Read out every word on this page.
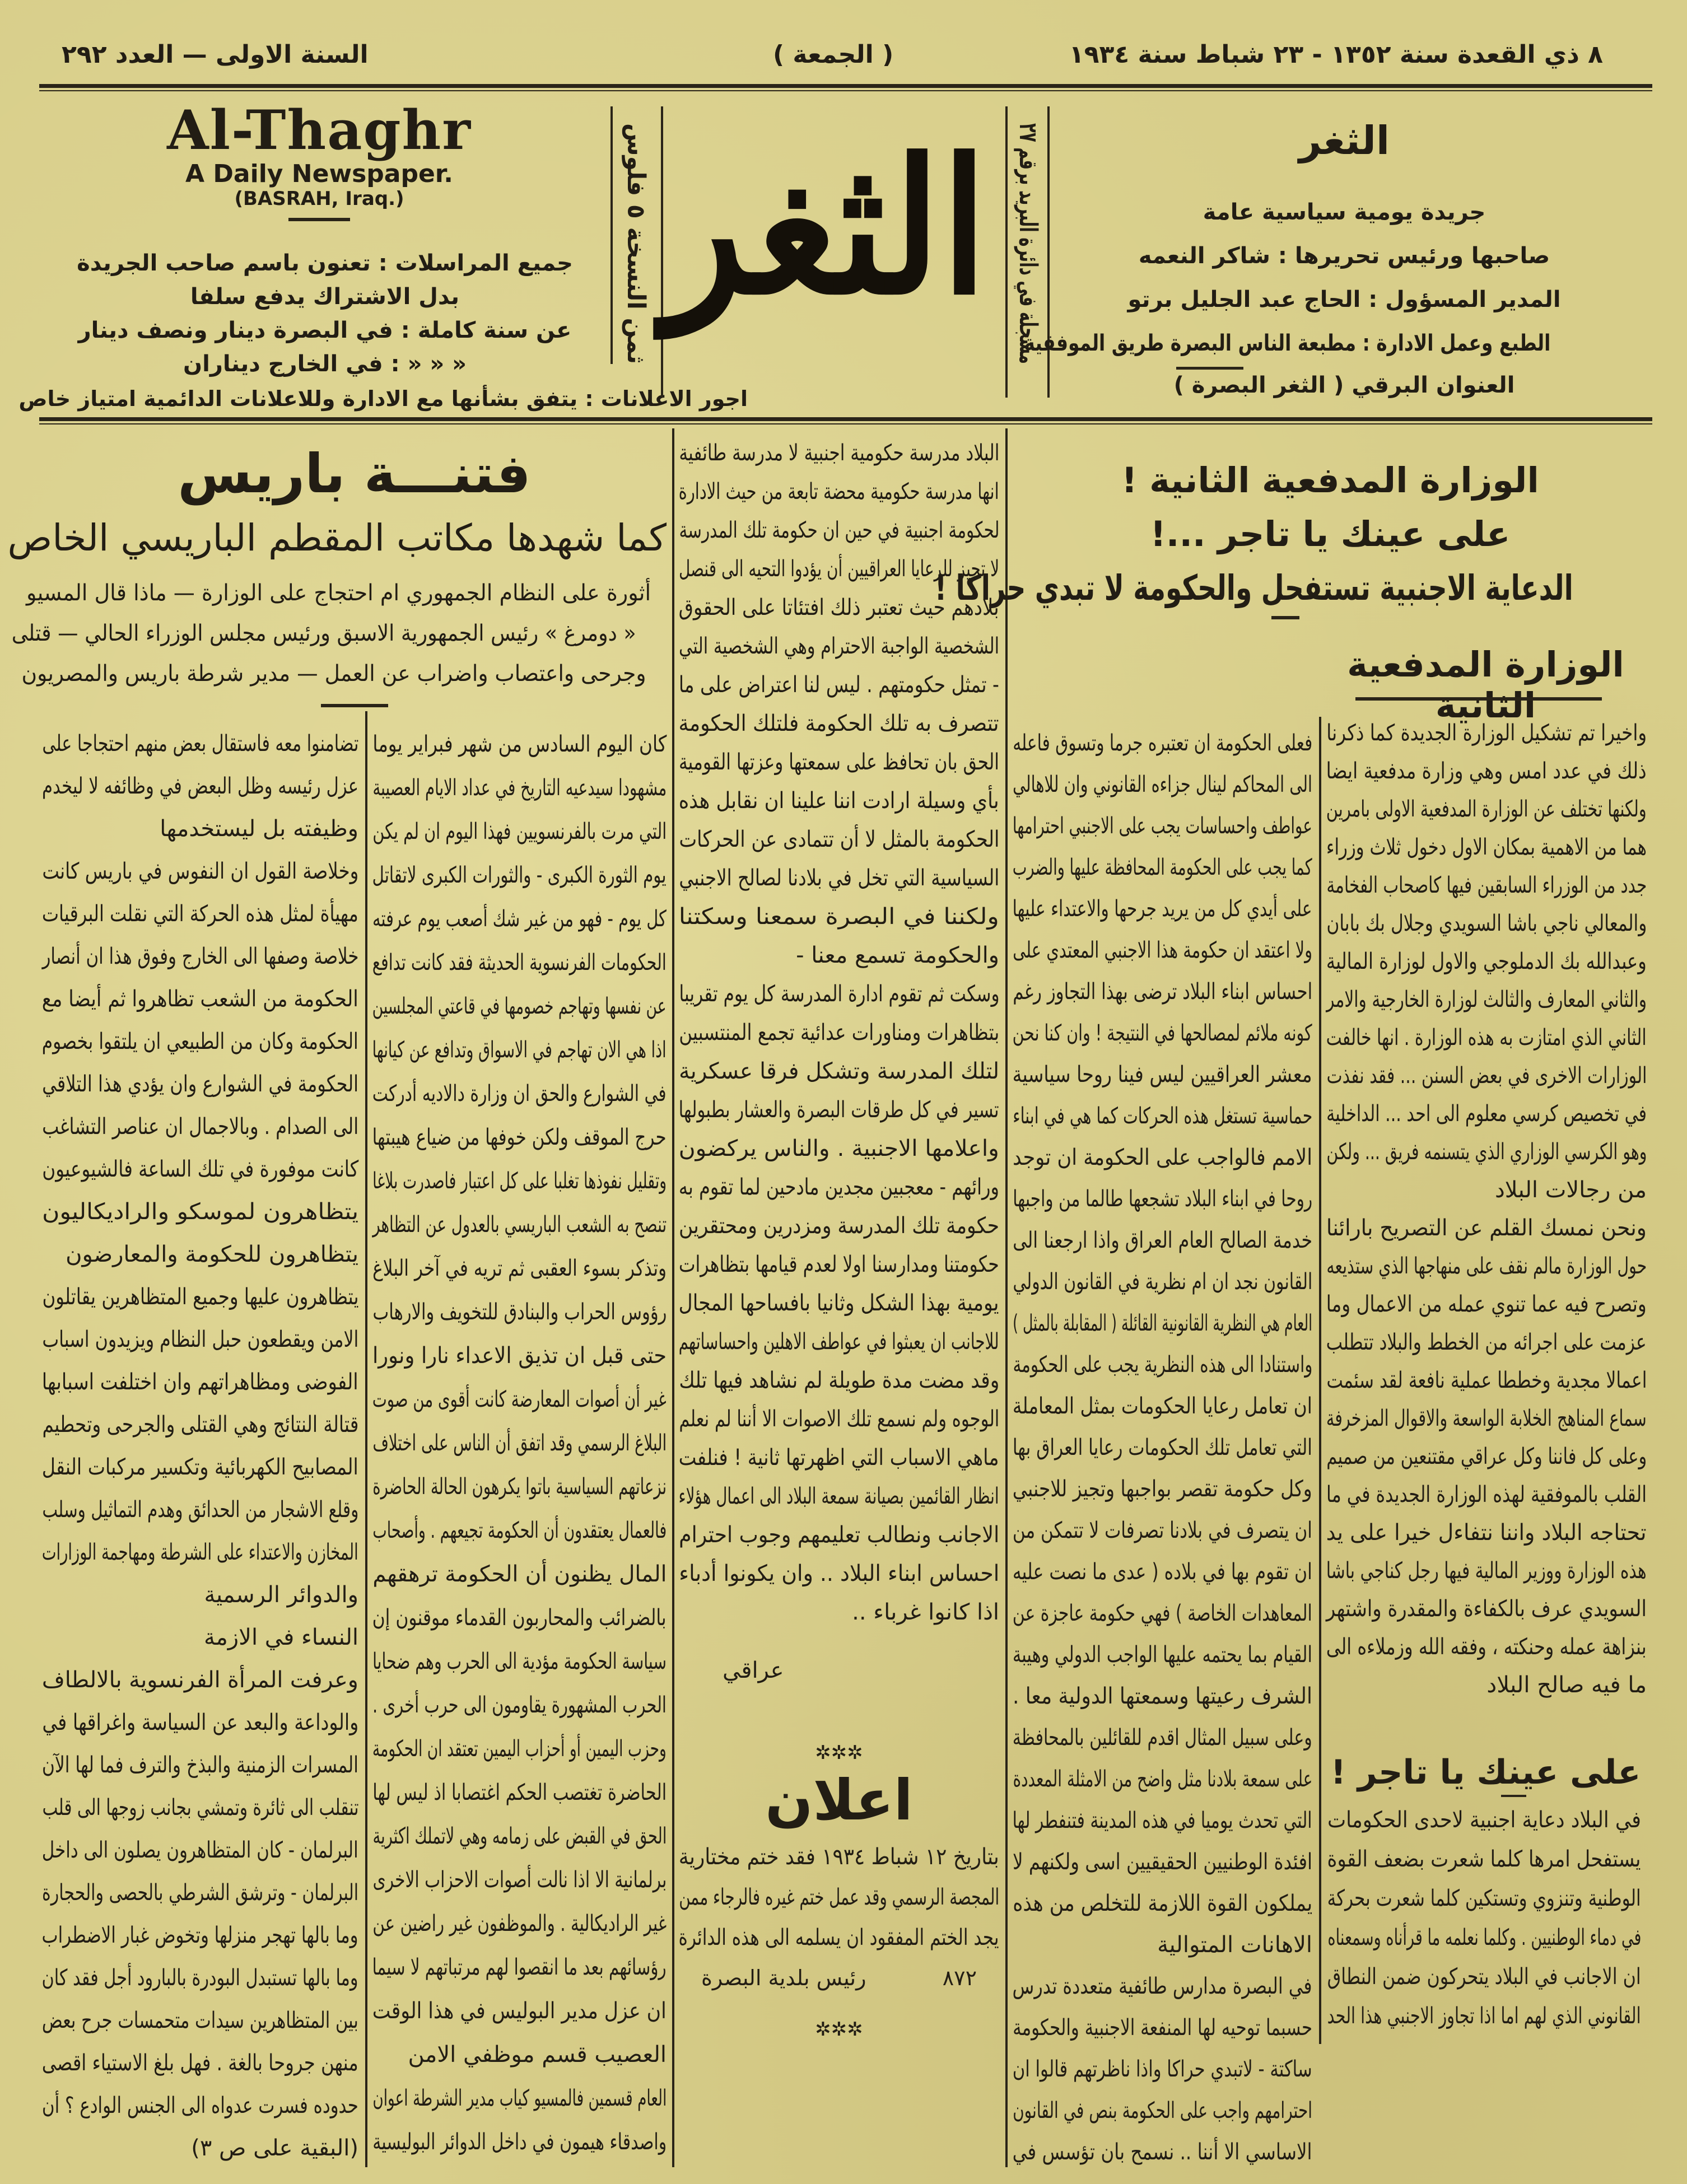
٨ ذي القعدة سنة ١٣٥٢ - ٢٣ شباط سنة ١٩٣٤
( الجمعة )
السنة الاولى — العدد ٢٩٢
Al-Thaghr
A Daily Newspaper.
(BASRAH, Iraq.)
جميع المراسلات : تعنون باسم صاحب الجريدة
بدل الاشتراك يدفع سلفا
عن سنة كاملة : في البصرة دينار ونصف دينار
« « « : في الخارج ديناران
اجور الاعلانات : يتفق بشأنها مع الادارة وللاعلانات الدائمية امتياز خاص
ثمن النسخة ٥ فلوس الثغر	مسجلة في دائرة البريد برقم ٢٧
الثغر
جريدة يومية سياسية عامة
صاحبها ورئيس تحريرها : شاكر النعمه
المدير المسؤول : الحاج عبد الجليل برتو
الطبع وعمل الادارة : مطبعة الناس البصرة طريق الموفقية
العنوان البرقي ( الثغر البصرة )
فتنـــة باريس
كما شهدها مكاتب المقطم الباريسي الخاص
أثورة على النظام الجمهوري ام احتجاج على الوزارة — ماذا قال المسيو
« دومرغ » رئيس الجمهورية الاسبق ورئيس مجلس الوزراء الحالي — قتلى
وجرحى واعتصاب واضراب عن العمل — مدير شرطة باريس والمصريون
تضامنوا معه فاستقال بعض منهم احتجاجا على
عزل رئيسه وظل البعض في وظائفه لا ليخدم
وظيفته بل ليستخدمها
وخلاصة القول ان النفوس في باريس كانت
مهيأة لمثل هذه الحركة التي نقلت البرقيات
خلاصة وصفها الى الخارج وفوق هذا ان أنصار
الحكومة من الشعب تظاهروا ثم أيضا مع
الحكومة وكان من الطبيعي ان يلتقوا بخصوم
الحكومة في الشوارع وان يؤدي هذا التلاقي
الى الصدام . وبالاجمال ان عناصر التشاغب
كانت موفورة في تلك الساعة فالشيوعيون
يتظاهرون لموسكو والراديكاليون
يتظاهرون للحكومة والمعارضون
يتظاهرون عليها وجميع المتظاهرين يقاتلون
الامن ويقطعون حبل النظام ويزيدون اسباب
الفوضى ومظاهراتهم وان اختلفت اسبابها
قتالة النتائج وهي القتلى والجرحى وتحطيم
المصابيح الكهربائية وتكسير مركبات النقل
وقلع الاشجار من الحدائق وهدم التماثيل وسلب
المخازن والاعتداء على الشرطة ومهاجمة الوزارات
والدوائر الرسمية
النساء في الازمة
وعرفت المرأة الفرنسوية بالالطاف
والوداعة والبعد عن السياسة واغراقها في
المسرات الزمنية والبذخ والترف فما لها الآن
تنقلب الى ثائرة وتمشي بجانب زوجها الى قلب
البرلمان - كان المتظاهرون يصلون الى داخل
البرلمان - وترشق الشرطي بالحصى والحجارة
وما بالها تهجر منزلها وتخوض غبار الاضطراب
وما بالها تستبدل البودرة بالبارود أجل فقد كان
بين المتظاهرين سيدات متحمسات جرح بعض
منهن جروحا بالغة . فهل بلغ الاستياء اقصى
حدوده فسرت عدواه الى الجنس الوادع ؟ أن
(البقية على ص ٣)
كان اليوم السادس من شهر فبراير يوما
مشهودا سيدعيه التاريخ في عداد الايام العصيبة
التي مرت بالفرنسويين فهذا اليوم ان لم يكن
يوم الثورة الكبرى - والثورات الكبرى لاتقاتل
كل يوم - فهو من غير شك أصعب يوم عرفته
الحكومات الفرنسوية الحديثة فقد كانت تدافع
عن نفسها وتهاجم خصومها في قاعتي المجلسين
اذا هي الان تهاجم في الاسواق وتدافع عن كيانها
في الشوارع والحق ان وزارة دالاديه أدركت
حرج الموقف ولكن خوفها من ضياع هيبتها
وتقليل نفوذها تغلبا على كل اعتبار فاصدرت بلاغا
تنصح به الشعب الباريسي بالعدول عن التظاهر
وتذكر بسوء العقبى ثم تريه في آخر البلاغ
رؤوس الحراب والبنادق للتخويف والارهاب
حتى قبل ان تذيق الاعداء نارا ونورا
غير أن أصوات المعارضة كانت أقوى من صوت
البلاغ الرسمي وقد اتفق أن الناس على اختلاف
نزعاتهم السياسية باتوا يكرهون الحالة الحاضرة
فالعمال يعتقدون أن الحكومة تجيعهم . وأصحاب
المال يظنون أن الحكومة ترهقهم
بالضرائب والمحاربون القدماء موقنون إن
سياسة الحكومة مؤدية الى الحرب وهم ضحايا
الحرب المشهورة يقاومون الى حرب أخرى .
وحزب اليمين أو أحزاب اليمين تعتقد ان الحكومة
الحاضرة تغتصب الحكم اغتصابا اذ ليس لها
الحق في القبض على زمامه وهي لاتملك اكثرية
برلمانية الا اذا نالت أصوات الاحزاب الاخرى
غير الراديكالية . والموظفون غير راضين عن
رؤسائهم بعد ما انقصوا لهم مرتباتهم لا سيما
ان عزل مدير البوليس في هذا الوقت
العصيب قسم موظفي الامن
العام قسمين فالمسيو كياب مدير الشرطة اعوان
واصدقاء هيمون في داخل الدوائر البوليسية
البلاد مدرسة حكومية اجنبية لا مدرسة طائفية
انها مدرسة حكومية محضة تابعة من حيث الادارة
لحكومة اجنبية في حين ان حكومة تلك المدرسة
لا تجيز للرعايا العراقيين أن يؤدوا التحيه الى قنصل
بلادهم حيث تعتبر ذلك افتئاتا على الحقوق
الشخصية الواجبة الاحترام وهي الشخصية التي
- تمثل حكومتهم . ليس لنا اعتراض على ما
تتصرف به تلك الحكومة فلتلك الحكومة
الحق بان تحافظ على سمعتها وعزتها القومية
بأي وسيلة ارادت اننا علينا ان نقابل هذه
الحكومة بالمثل لا أن تتمادى عن الحركات
السياسية التي تخل في بلادنا لصالح الاجنبي
ولكننا في البصرة سمعنا وسكتنا
والحكومة تسمع معنا -
وسكت ثم تقوم ادارة المدرسة كل يوم تقريبا
بتظاهرات ومناورات عدائية تجمع المنتسبين
لتلك المدرسة وتشكل فرقا عسكرية
تسير في كل طرقات البصرة والعشار بطبولها
واعلامها الاجنبية . والناس يركضون
ورائهم - معجبين مجدين مادحين لما تقوم به
حكومة تلك المدرسة ومزدرين ومحتقرين
حكومتنا ومدارسنا اولا لعدم قيامها بتظاهرات
يومية بهذا الشكل وثانيا بافساحها المجال
للاجانب ان يعبثوا في عواطف الاهلين واحساساتهم
وقد مضت مدة طويلة لم نشاهد فيها تلك
الوجوه ولم نسمع تلك الاصوات الا أننا لم نعلم
ماهي الاسباب التي اظهرتها ثانية ! فنلفت
انظار القائمين بصيانة سمعة البلاد الى اعمال هؤلاء
الاجانب ونطالب تعليمهم وجوب احترام
احساس ابناء البلاد .. وان يكونوا أدباء
اذا كانوا غرباء ..
عراقي
✲✲✲
اعلان
بتاريخ ١٢ شباط ١٩٣٤ فقد ختم مختارية
المجصة الرسمي وقد عمل ختم غيره فالرجاء ممن
يجد الختم المفقود ان يسلمه الى هذه الدائرة
٨٧٢
رئيس بلدية البصرة
✲✲✲
الوزارة المدفعية الثانية !
على عينك يا تاجر ...!
الدعاية الاجنبية تستفحل والحكومة لا تبدي حراكا !
فعلى الحكومة ان تعتبره جرما وتسوق فاعله
الى المحاكم لينال جزاءه القانوني وان للاهالي
عواطف واحساسات يجب على الاجنبي احترامها
كما يجب على الحكومة المحافظة عليها والضرب
على أيدي كل من يريد جرحها والاعتداء عليها
ولا اعتقد ان حكومة هذا الاجنبي المعتدي على
احساس ابناء البلاد ترضى بهذا التجاوز رغم
كونه ملائم لمصالحها في النتيجة ! وان كنا نحن
معشر العراقيين ليس فينا روحا سياسية
حماسية تستغل هذه الحركات كما هي في ابناء
الامم فالواجب على الحكومة ان توجد
روحا في ابناء البلاد تشجعها طالما من واجبها
خدمة الصالح العام العراق واذا ارجعنا الى
القانون نجد ان ام نظرية في القانون الدولي
العام هي النظرية القانونية القائلة ( المقابلة بالمثل )
واستنادا الى هذه النظرية يجب على الحكومة
ان تعامل رعايا الحكومات بمثل المعاملة
التي تعامل تلك الحكومات رعايا العراق بها
وكل حكومة تقصر بواجبها وتجيز للاجنبي
ان يتصرف في بلادنا تصرفات لا تتمكن من
ان تقوم بها في بلاده ( عدى ما نصت عليه
المعاهدات الخاصة ) فهي حكومة عاجزة عن
القيام بما يحتمه عليها الواجب الدولي وهيبة
الشرف رعيتها وسمعتها الدولية معا .
وعلى سبيل المثال اقدم للقائلين بالمحافظة
على سمعة بلادنا مثل واضح من الامثلة المعددة
التي تحدث يوميا في هذه المدينة فتنفطر لها
افئدة الوطنيين الحقيقيين اسى ولكنهم لا
يملكون القوة اللازمة للتخلص من هذه
الاهانات المتوالية
في البصرة مدارس طائفية متعددة تدرس
حسبما توحيه لها المنفعة الاجنبية والحكومة
ساكتة - لاتبدي حراكا واذا ناظرتهم قالوا ان
احترامهم واجب على الحكومة بنص في القانون
الاساسي الا أننا .. نسمح بان تؤسس في
الوزارة المدفعية الثانية
واخيرا تم تشكيل الوزارة الجديدة كما ذكرنا
ذلك في عدد امس وهي وزارة مدفعية ايضا
ولكنها تختلف عن الوزارة المدفعية الاولى بامرين
هما من الاهمية بمكان الاول دخول ثلاث وزراء
جدد من الوزراء السابقين فيها كاصحاب الفخامة
والمعالي ناجي باشا السويدي وجلال بك بابان
وعبدالله بك الدملوجي والاول لوزارة المالية
والثاني المعارف والثالث لوزارة الخارجية والامر
الثاني الذي امتازت به هذه الوزارة . انها خالفت
الوزارات الاخرى في بعض السنن ... فقد نفذت
في تخصيص كرسي معلوم الى احد ... الداخلية
وهو الكرسي الوزاري الذي يتسنمه فريق ... ولكن
من رجالات البلاد
ونحن نمسك القلم عن التصريح بارائنا
حول الوزارة مالم نقف على منهاجها الذي ستذيعه
وتصرح فيه عما تنوي عمله من الاعمال وما
عزمت على اجرائه من الخطط والبلاد تتطلب
اعمالا مجدية وخططا عملية نافعة لقد سئمت
سماع المناهج الخلابة الواسعة والاقوال المزخرفة
وعلى كل فاننا وكل عراقي مقتنعين من صميم
القلب بالموفقية لهذه الوزارة الجديدة في ما
تحتاجه البلاد واننا نتفاءل خيرا على يد
هذه الوزارة ووزير المالية فيها رجل كناجي باشا
السويدي عرف بالكفاءة والمقدرة واشتهر
بنزاهة عمله وحنكته ، وفقه الله وزملاءه الى
ما فيه صالح البلاد
على عينك يا تاجر !
في البلاد دعاية اجنبية لاحدى الحكومات
يستفحل امرها كلما شعرت بضعف القوة
الوطنية وتنزوي وتستكين كلما شعرت بحركة
في دماء الوطنيين . وكلما نعلمه ما قرأناه وسمعناه
ان الاجانب في البلاد يتحركون ضمن النطاق
القانوني الذي لهم اما اذا تجاوز الاجنبي هذا الحد
